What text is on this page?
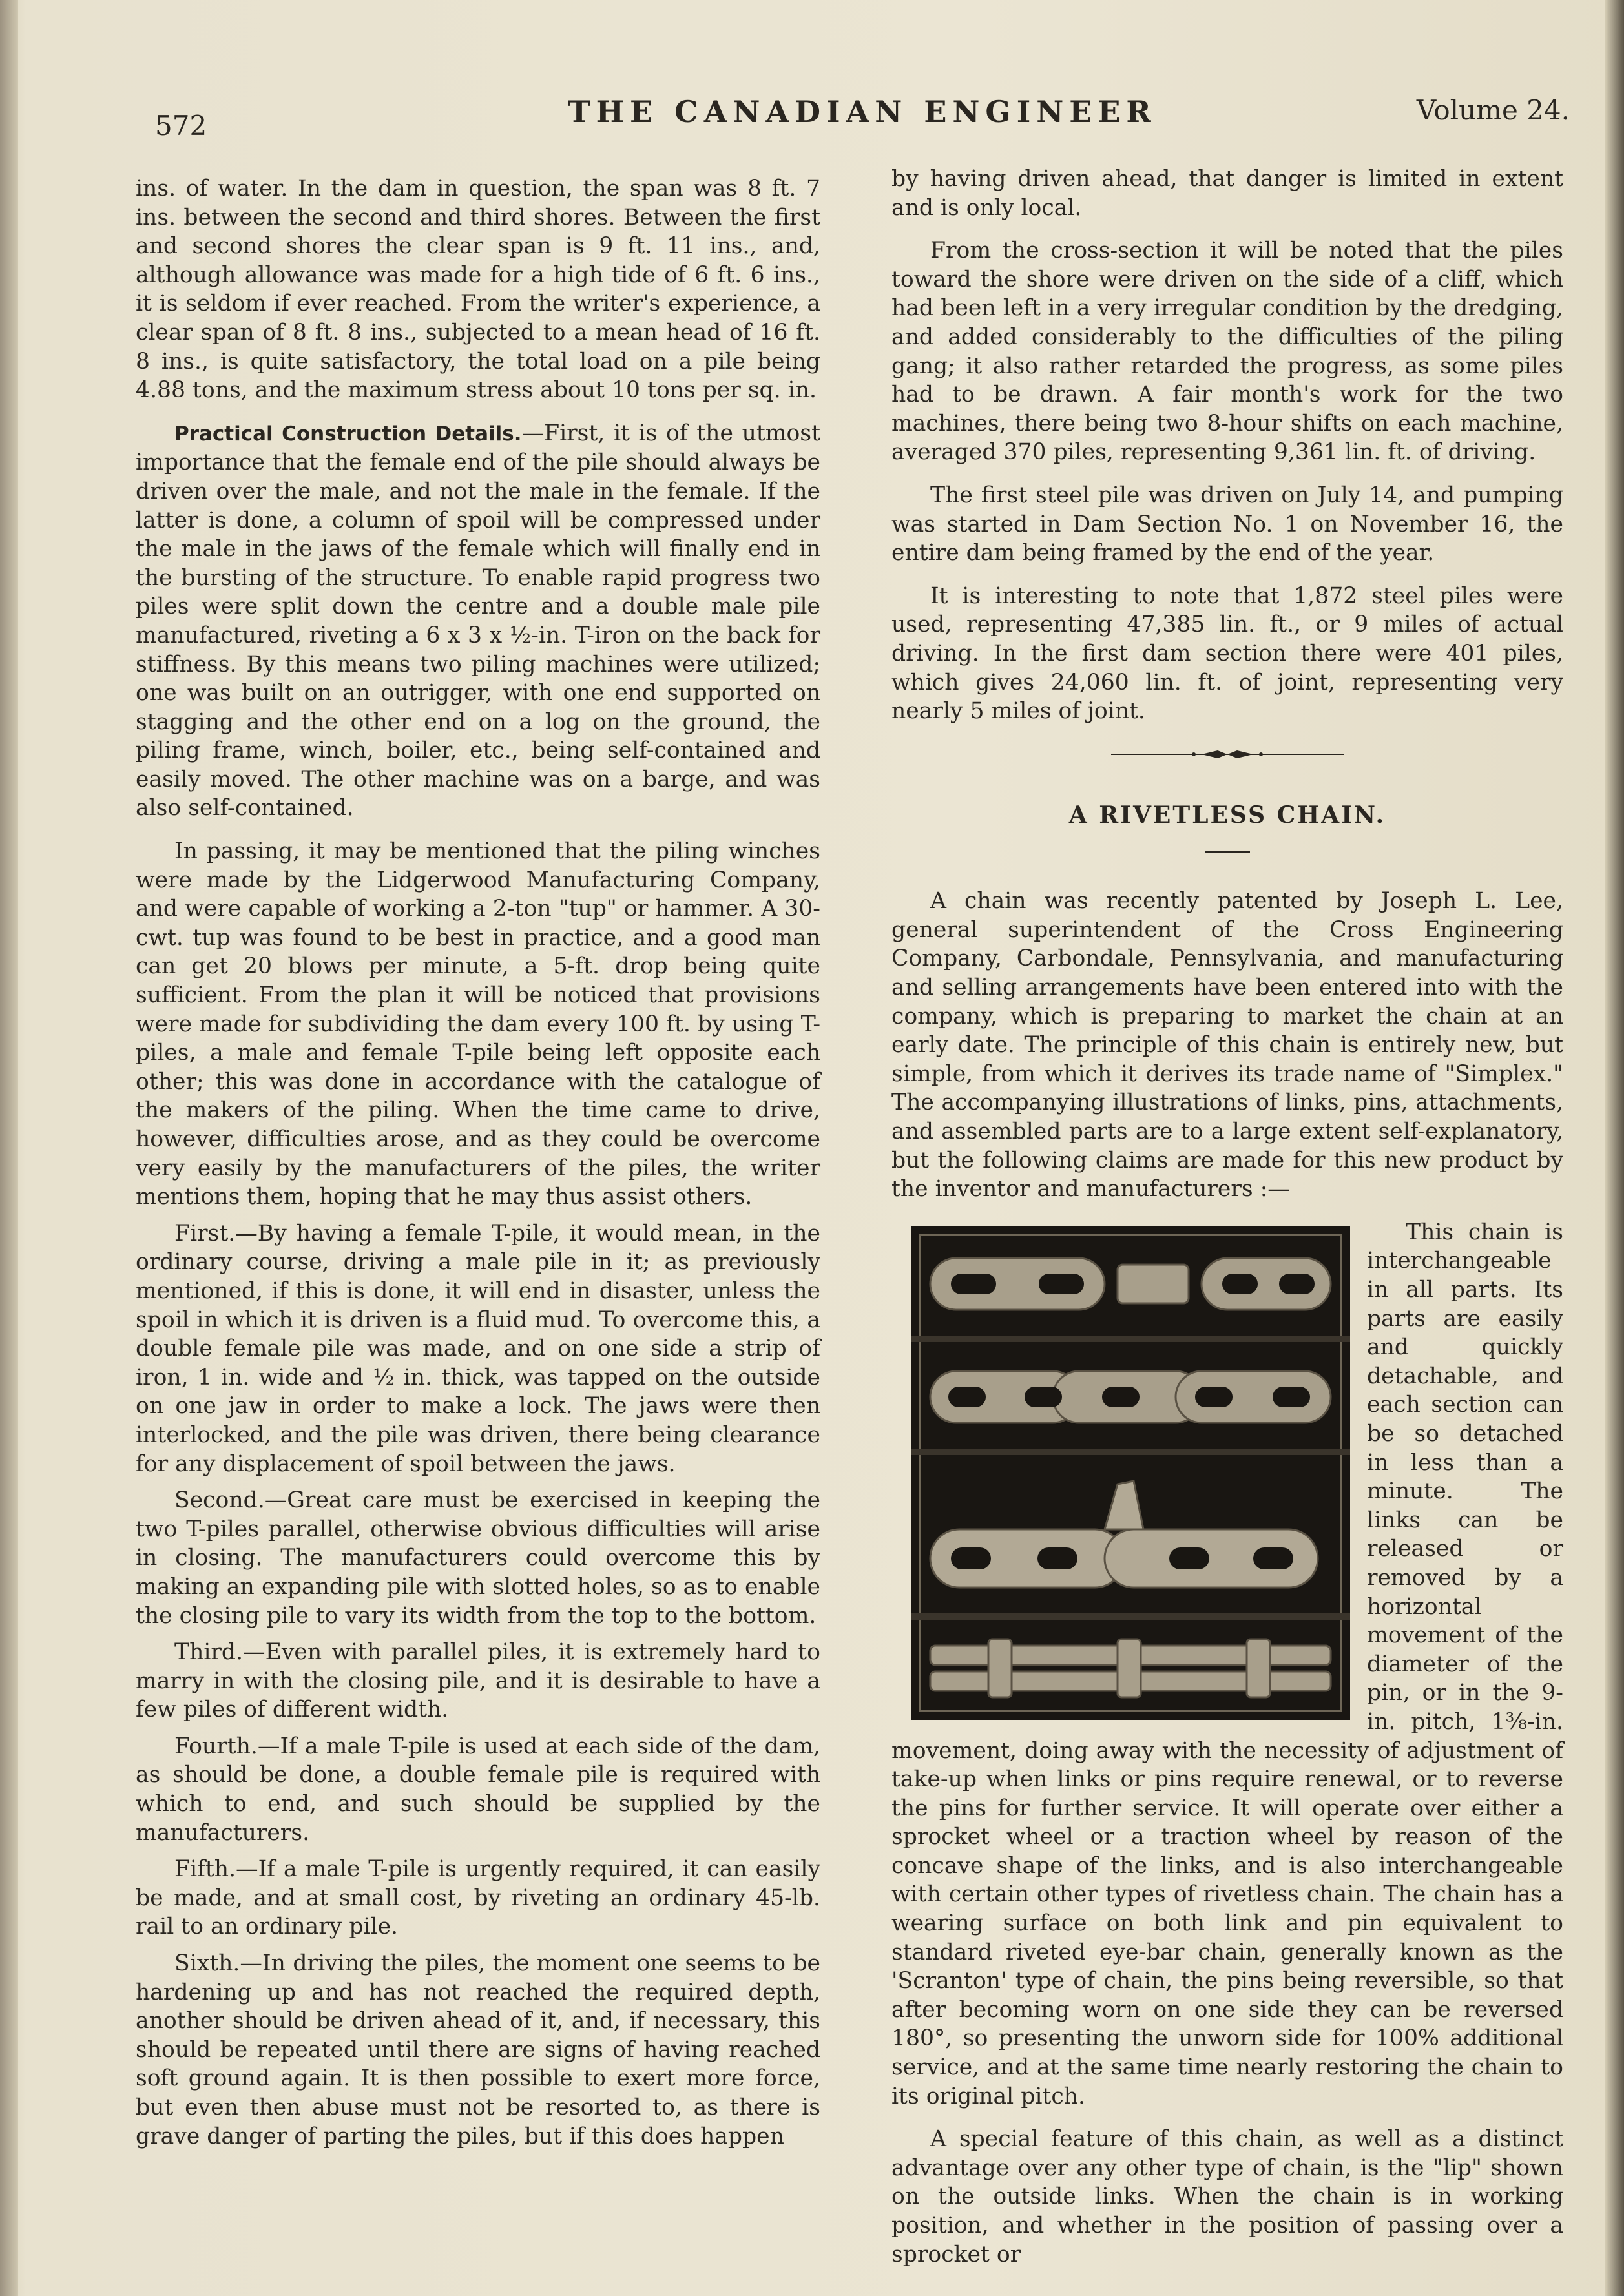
572	THE CANADIAN ENGINEER	Volume 24.

ins. of water. In the dam in question, the span was 8 ft. 7 ins. between the second and third shores. Between the first and second shores the clear span is 9 ft. 11 ins., and, although allowance was made for a high tide of 6 ft. 6 ins., it is seldom if ever reached. From the writer's experience, a clear span of 8 ft. 8 ins., subjected to a mean head of 16 ft. 8 ins., is quite satisfactory, the total load on a pile being 4.88 tons, and the maximum stress about 10 tons per sq. in.

Practical Construction Details.—First, it is of the utmost importance that the female end of the pile should always be driven over the male, and not the male in the female. If the latter is done, a column of spoil will be compressed under the male in the jaws of the female which will finally end in the bursting of the structure. To enable rapid progress two piles were split down the centre and a double male pile manufactured, riveting a 6 x 3 x ½-in. T-iron on the back for stiffness. By this means two piling machines were utilized; one was built on an outrigger, with one end supported on stagging and the other end on a log on the ground, the piling frame, winch, boiler, etc., being self-contained and easily moved. The other machine was on a barge, and was also self-contained.

In passing, it may be mentioned that the piling winches were made by the Lidgerwood Manufacturing Company, and were capable of working a 2-ton "tup" or hammer. A 30-cwt. tup was found to be best in practice, and a good man can get 20 blows per minute, a 5-ft. drop being quite sufficient. From the plan it will be noticed that provisions were made for subdividing the dam every 100 ft. by using T-piles, a male and female T-pile being left opposite each other; this was done in accordance with the catalogue of the makers of the piling. When the time came to drive, however, difficulties arose, and as they could be overcome very easily by the manufacturers of the piles, the writer mentions them, hoping that he may thus assist others.

First.—By having a female T-pile, it would mean, in the ordinary course, driving a male pile in it; as previously mentioned, if this is done, it will end in disaster, unless the spoil in which it is driven is a fluid mud. To overcome this, a double female pile was made, and on one side a strip of iron, 1 in. wide and ½ in. thick, was tapped on the outside on one jaw in order to make a lock. The jaws were then interlocked, and the pile was driven, there being clearance for any displacement of spoil between the jaws.

Second.—Great care must be exercised in keeping the two T-piles parallel, otherwise obvious difficulties will arise in closing. The manufacturers could overcome this by making an expanding pile with slotted holes, so as to enable the closing pile to vary its width from the top to the bottom.

Third.—Even with parallel piles, it is extremely hard to marry in with the closing pile, and it is desirable to have a few piles of different width.

Fourth.—If a male T-pile is used at each side of the dam, as should be done, a double female pile is required with which to end, and such should be supplied by the manufacturers.

Fifth.—If a male T-pile is urgently required, it can easily be made, and at small cost, by riveting an ordinary 45-lb. rail to an ordinary pile.

Sixth.—In driving the piles, the moment one seems to be hardening up and has not reached the required depth, another should be driven ahead of it, and, if necessary, this should be repeated until there are signs of having reached soft ground again. It is then possible to exert more force, but even then abuse must not be resorted to, as there is grave danger of parting the piles, but if this does happen

by having driven ahead, that danger is limited in extent and is only local.

From the cross-section it will be noted that the piles toward the shore were driven on the side of a cliff, which had been left in a very irregular condition by the dredging, and added considerably to the difficulties of the piling gang; it also rather retarded the progress, as some piles had to be drawn. A fair month's work for the two machines, there being two 8-hour shifts on each machine, averaged 370 piles, representing 9,361 lin. ft. of driving.

The first steel pile was driven on July 14, and pumping was started in Dam Section No. 1 on November 16, the entire dam being framed by the end of the year.

It is interesting to note that 1,872 steel piles were used, representing 47,385 lin. ft., or 9 miles of actual driving. In the first dam section there were 401 piles, which gives 24,060 lin. ft. of joint, representing very nearly 5 miles of joint.

A RIVETLESS CHAIN.

A chain was recently patented by Joseph L. Lee, general superintendent of the Cross Engineering Company, Carbondale, Pennsylvania, and manufacturing and selling arrangements have been entered into with the company, which is preparing to market the chain at an early date. The principle of this chain is entirely new, but simple, from which it derives its trade name of "Simplex." The accompanying illustrations of links, pins, attachments, and assembled parts are to a large extent self-explanatory, but the following claims are made for this new product by the inventor and manufacturers :—

This chain is interchangeable in all parts. Its parts are easily and quickly detachable, and each section can be so detached in less than a minute. The links can be released or removed by a horizontal movement of the diameter of the pin, or in the 9-in. pitch, 1⅜-in. movement, doing away with the necessity of adjustment of take-up when links or pins require renewal, or to reverse the pins for further service. It will operate over either a sprocket wheel or a traction wheel by reason of the concave shape of the links, and is also interchangeable with certain other types of rivetless chain. The chain has a wearing surface on both link and pin equivalent to standard riveted eye-bar chain, generally known as the 'Scranton' type of chain, the pins being reversible, so that after becoming worn on one side they can be reversed 180°, so presenting the unworn side for 100% additional service, and at the same time nearly restoring the chain to its original pitch.

A special feature of this chain, as well as a distinct advantage over any other type of chain, is the "lip" shown on the outside links. When the chain is in working position, and whether in the position of passing over a sprocket or
